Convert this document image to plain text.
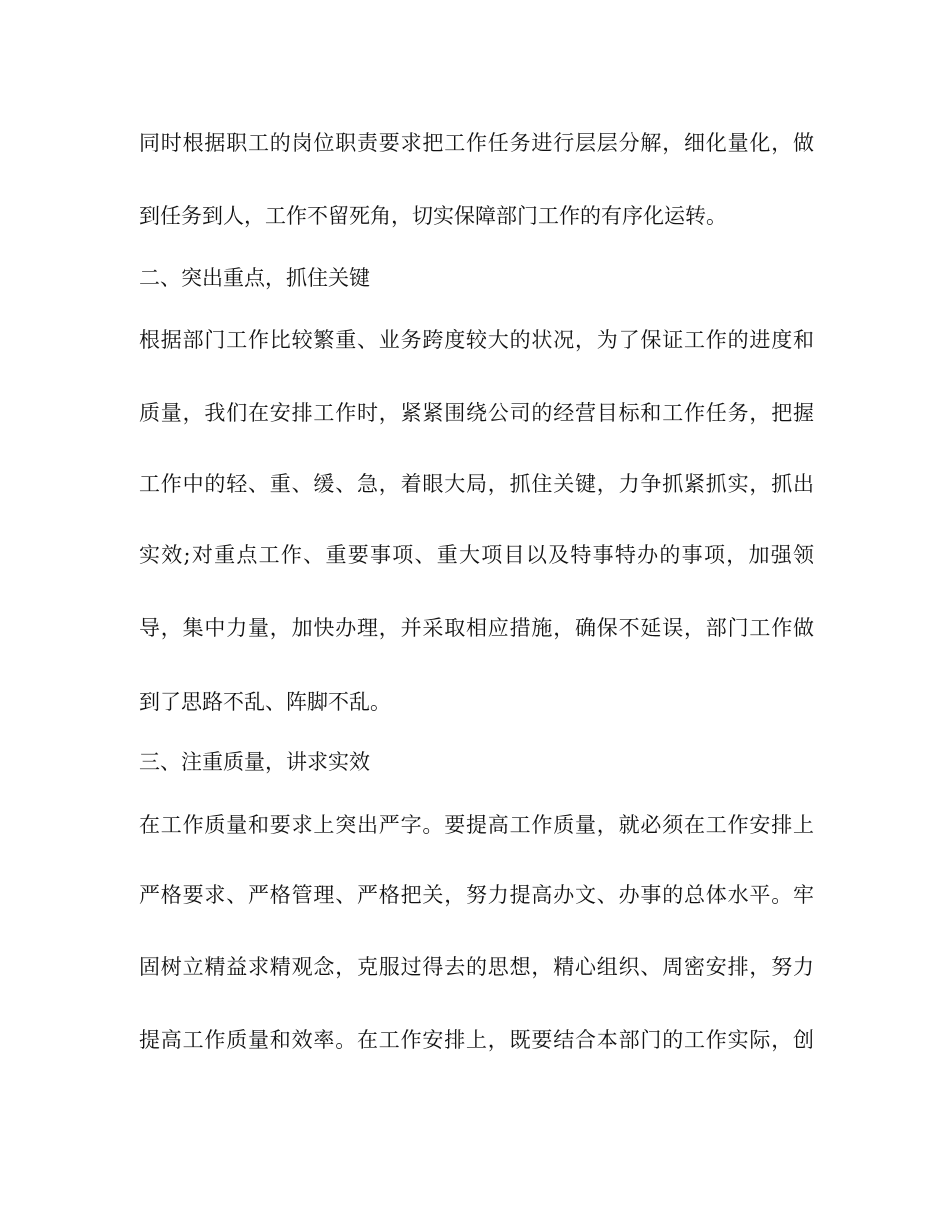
同时根据职工的岗位职责要求把工作任务进行层层分解，细化量化，做
到任务到人，工作不留死角，切实保障部门工作的有序化运转。
二、突出重点，抓住关键
根据部门工作比较繁重、业务跨度较大的状况，为了保证工作的进度和
质量，我们在安排工作时，紧紧围绕公司的经营目标和工作任务，把握
工作中的轻、重、缓、急，着眼大局，抓住关键，力争抓紧抓实，抓出
实效;对重点工作、重要事项、重大项目以及特事特办的事项，加强领
导，集中力量，加快办理，并采取相应措施，确保不延误，部门工作做
到了思路不乱、阵脚不乱。
三、注重质量，讲求实效
在工作质量和要求上突出严字。要提高工作质量，就必须在工作安排上
严格要求、严格管理、严格把关，努力提高办文、办事的总体水平。牢
固树立精益求精观念，克服过得去的思想，精心组织、周密安排，努力
提高工作质量和效率。在工作安排上，既要结合本部门的工作实际，创
